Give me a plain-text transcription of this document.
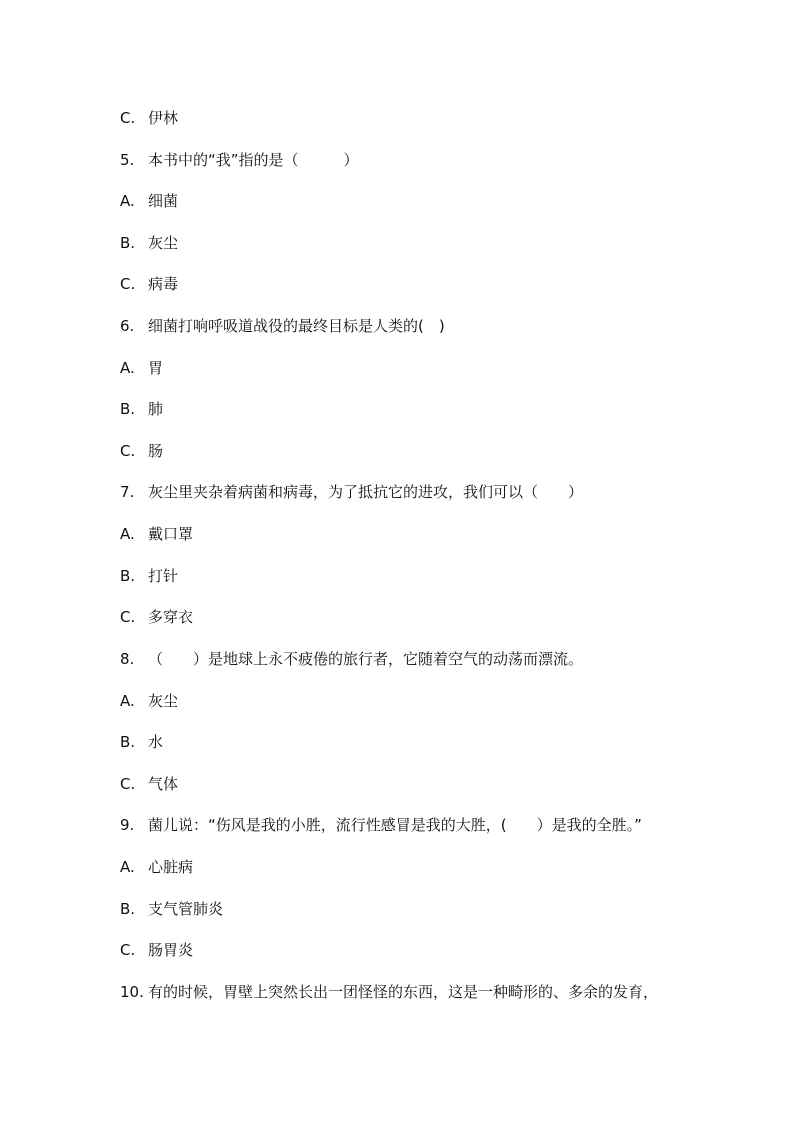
C. 伊林
5. 本书中的“我”指的是（　　　）
A. 细菌
B. 灰尘
C. 病毒
6. 细菌打响呼吸道战役的最终目标是人类的(　)
A. 胃
B. 肺
C. 肠
7. 灰尘里夹杂着病菌和病毒，为了抵抗它的进攻，我们可以（　　）
A. 戴口罩
B. 打针
C. 多穿衣
8. （　　）是地球上永不疲倦的旅行者，它随着空气的动荡而漂流。
A. 灰尘
B. 水
C. 气体
9. 菌儿说：“伤风是我的小胜，流行性感冒是我的大胜，(　　）是我的全胜。”
A. 心脏病
B. 支气管肺炎
C. 肠胃炎
10. 有的时候，胃壁上突然长出一团怪怪的东西，这是一种畸形的、多余的发育，
